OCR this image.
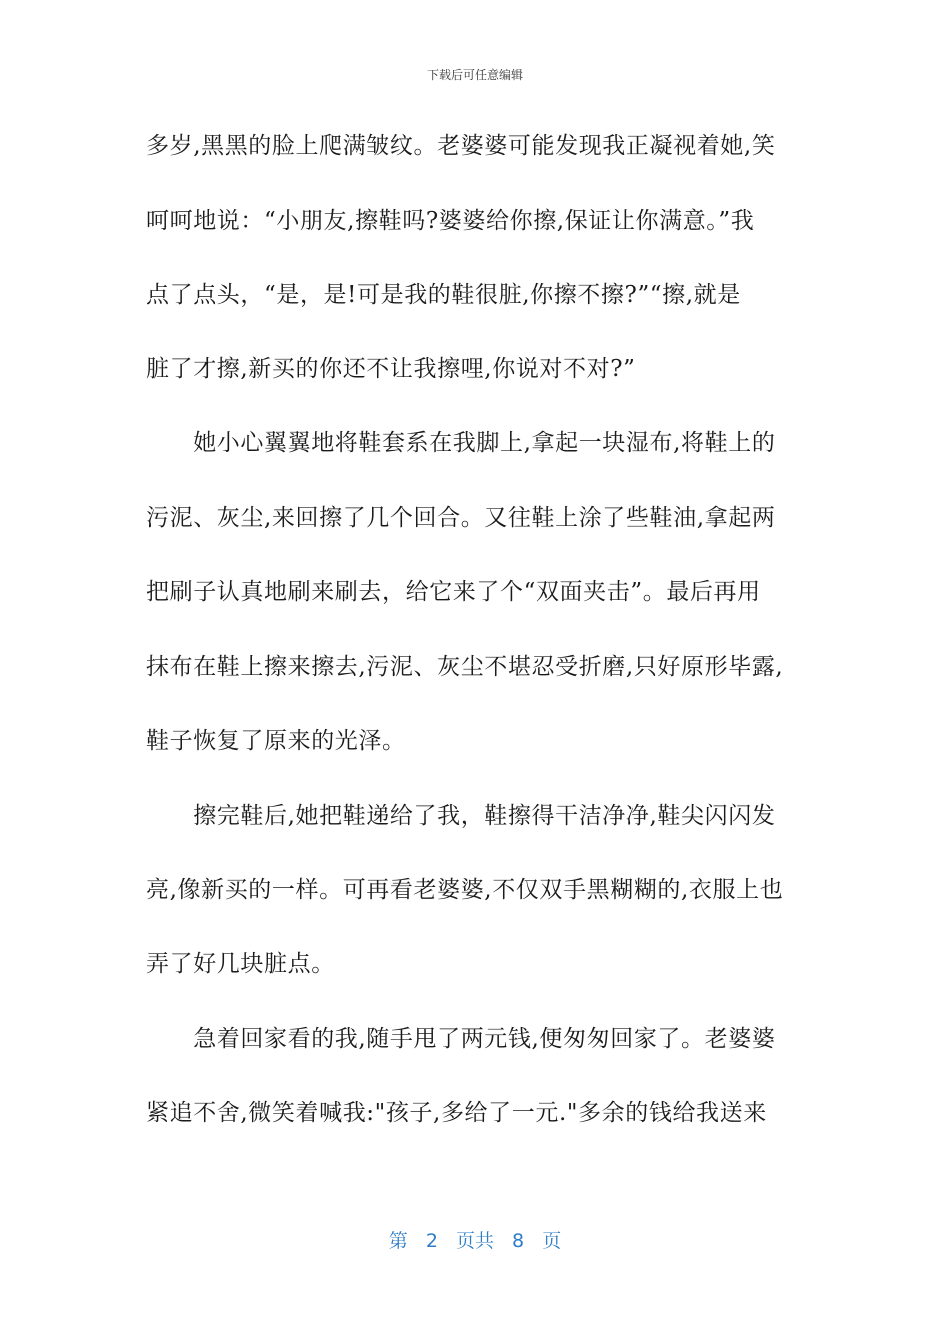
下载后可任意编辑
多岁,黑黑的脸上爬满皱纹。老婆婆可能发现我正凝视着她,笑
呵呵地说：“小朋友,擦鞋吗?婆婆给你擦,保证让你满意。”我
点了点头，“是，是!可是我的鞋很脏,你擦不擦?”“擦,就是
脏了才擦,新买的你还不让我擦哩,你说对不对?”
　　她小心翼翼地将鞋套系在我脚上,拿起一块湿布,将鞋上的
污泥、灰尘,来回擦了几个回合。又往鞋上涂了些鞋油,拿起两
把刷子认真地刷来刷去，给它来了个“双面夹击”。最后再用
抹布在鞋上擦来擦去,污泥、灰尘不堪忍受折磨,只好原形毕露,
鞋子恢复了原来的光泽。
　　擦完鞋后,她把鞋递给了我，鞋擦得干洁净净,鞋尖闪闪发
亮,像新买的一样。可再看老婆婆,不仅双手黑糊糊的,衣服上也
弄了好几块脏点。
　　急着回家看的我,随手甩了两元钱,便匆匆回家了。老婆婆
紧追不舍,微笑着喊我:"孩子,多给了一元."多余的钱给我送来
第 2 页共 8 页
